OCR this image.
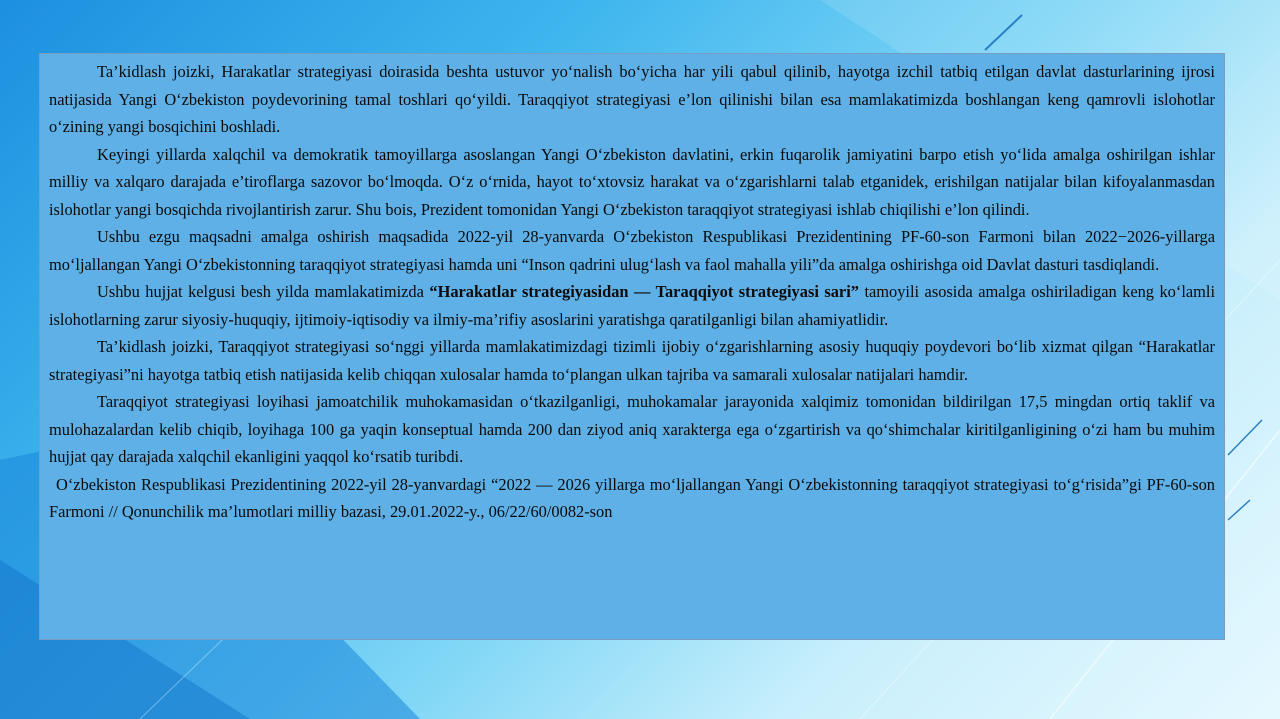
Ta’kidlash joizki, Harakatlar strategiyasi doirasida beshta ustuvor yo‘nalish bo‘yicha har yili qabul qilinib, hayotga izchil tatbiq etilgan davlat dasturlarining ijrosi natijasida Yangi O‘zbekiston poydevorining tamal toshlari qo‘yildi. Taraqqiyot strategiyasi e’lon qilinishi bilan esa mamlakatimizda boshlangan keng qamrovli islohotlar o‘zining yangi bosqichini boshladi.

Keyingi yillarda xalqchil va demokratik tamoyillarga asoslangan Yangi O‘zbekiston davlatini, erkin fuqarolik jamiyatini barpo etish yo‘lida amalga oshirilgan ishlar milliy va xalqaro darajada e’tiroflarga sazovor bo‘lmoqda. O‘z o‘rnida, hayot to‘xtovsiz harakat va o‘zgarishlarni talab etganidek, erishilgan natijalar bilan kifoyalanmasdan islohotlar yangi bosqichda rivojlantirish zarur. Shu bois, Prezident tomonidan Yangi O‘zbekiston taraqqiyot strategiyasi ishlab chiqilishi e’lon qilindi.

Ushbu ezgu maqsadni amalga oshirish maqsadida 2022-yil 28-yanvarda O‘zbekiston Respublikasi Prezidentining PF-60-son Farmoni bilan 2022−2026-yillarga mo‘ljallangan Yangi O‘zbekistonning taraqqiyot strategiyasi hamda uni “Inson qadrini ulug‘lash va faol mahalla yili”da amalga oshirishga oid Davlat dasturi tasdiqlandi.

Ushbu hujjat kelgusi besh yilda mamlakatimizda “Harakatlar strategiyasidan — Taraqqiyot strategiyasi sari” tamoyili asosida amalga oshiriladigan keng ko‘lamli islohotlarning zarur siyosiy-huquqiy, ijtimoiy-iqtisodiy va ilmiy-ma’rifiy asoslarini yaratishga qaratilganligi bilan ahamiyatlidir.

Ta’kidlash joizki, Taraqqiyot strategiyasi so‘nggi yillarda mamlakatimizdagi tizimli ijobiy o‘zgarishlarning asosiy huquqiy poydevori bo‘lib xizmat qilgan “Harakatlar strategiyasi”ni hayotga tatbiq etish natijasida kelib chiqqan xulosalar hamda to‘plangan ulkan tajriba va samarali xulosalar natijalari hamdir.

Taraqqiyot strategiyasi loyihasi jamoatchilik muhokamasidan o‘tkazilganligi, muhokamalar jarayonida xalqimiz tomonidan bildirilgan 17,5 mingdan ortiq taklif va mulohazalardan kelib chiqib, loyihaga 100 ga yaqin konseptual hamda 200 dan ziyod aniq xarakterga ega o‘zgartirish va qo‘shimchalar kiritilganligining o‘zi ham bu muhim hujjat qay darajada xalqchil ekanligini yaqqol ko‘rsatib turibdi.

O‘zbekiston Respublikasi Prezidentining 2022-yil 28-yanvardagi “2022 — 2026 yillarga mo‘ljallangan Yangi O‘zbekistonning taraqqiyot strategiyasi to‘g‘risida”gi PF-60-son Farmoni // Qonunchilik ma’lumotlari milliy bazasi, 29.01.2022-y., 06/22/60/0082-son
